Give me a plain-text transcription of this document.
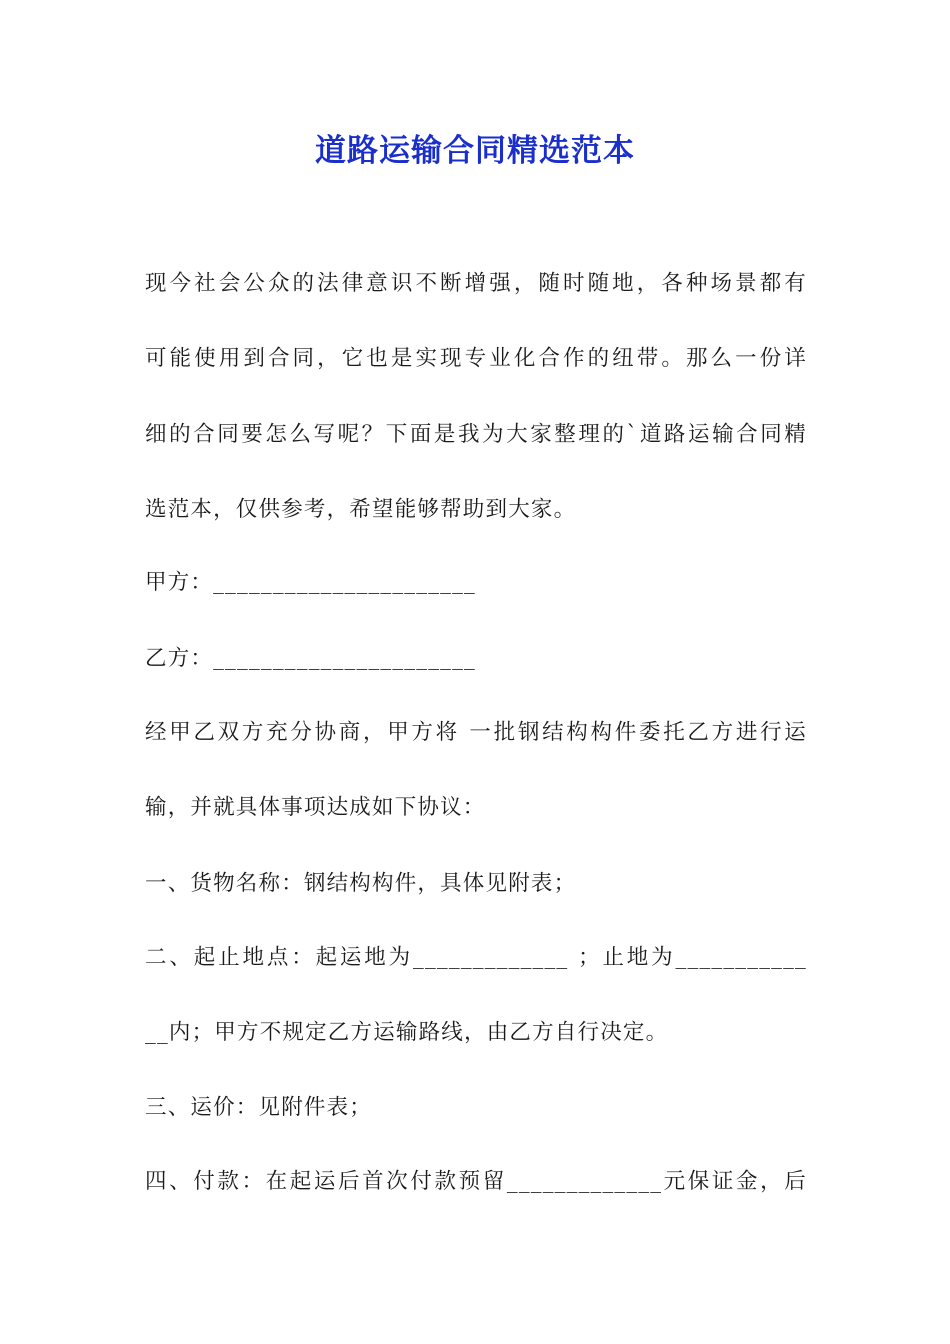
道路运输合同精选范本
现今社会公众的法律意识不断增强，随时随地，各种场景都有
可能使用到合同，它也是实现专业化合作的纽带。那么一份详
细的合同要怎么写呢？下面是我为大家整理的`道路运输合同精
选范本，仅供参考，希望能够帮助到大家。
甲方：______________________
乙方：______________________
经甲乙双方充分协商，甲方将 一批钢结构构件委托乙方进行运
输，并就具体事项达成如下协议：
一、货物名称：钢结构构件，具体见附表；
二、起止地点：起运地为_____________ ；止地为___________
__内；甲方不规定乙方运输路线，由乙方自行决定。
三、运价：见附件表；
四、付款：在起运后首次付款预留_____________元保证金，后
